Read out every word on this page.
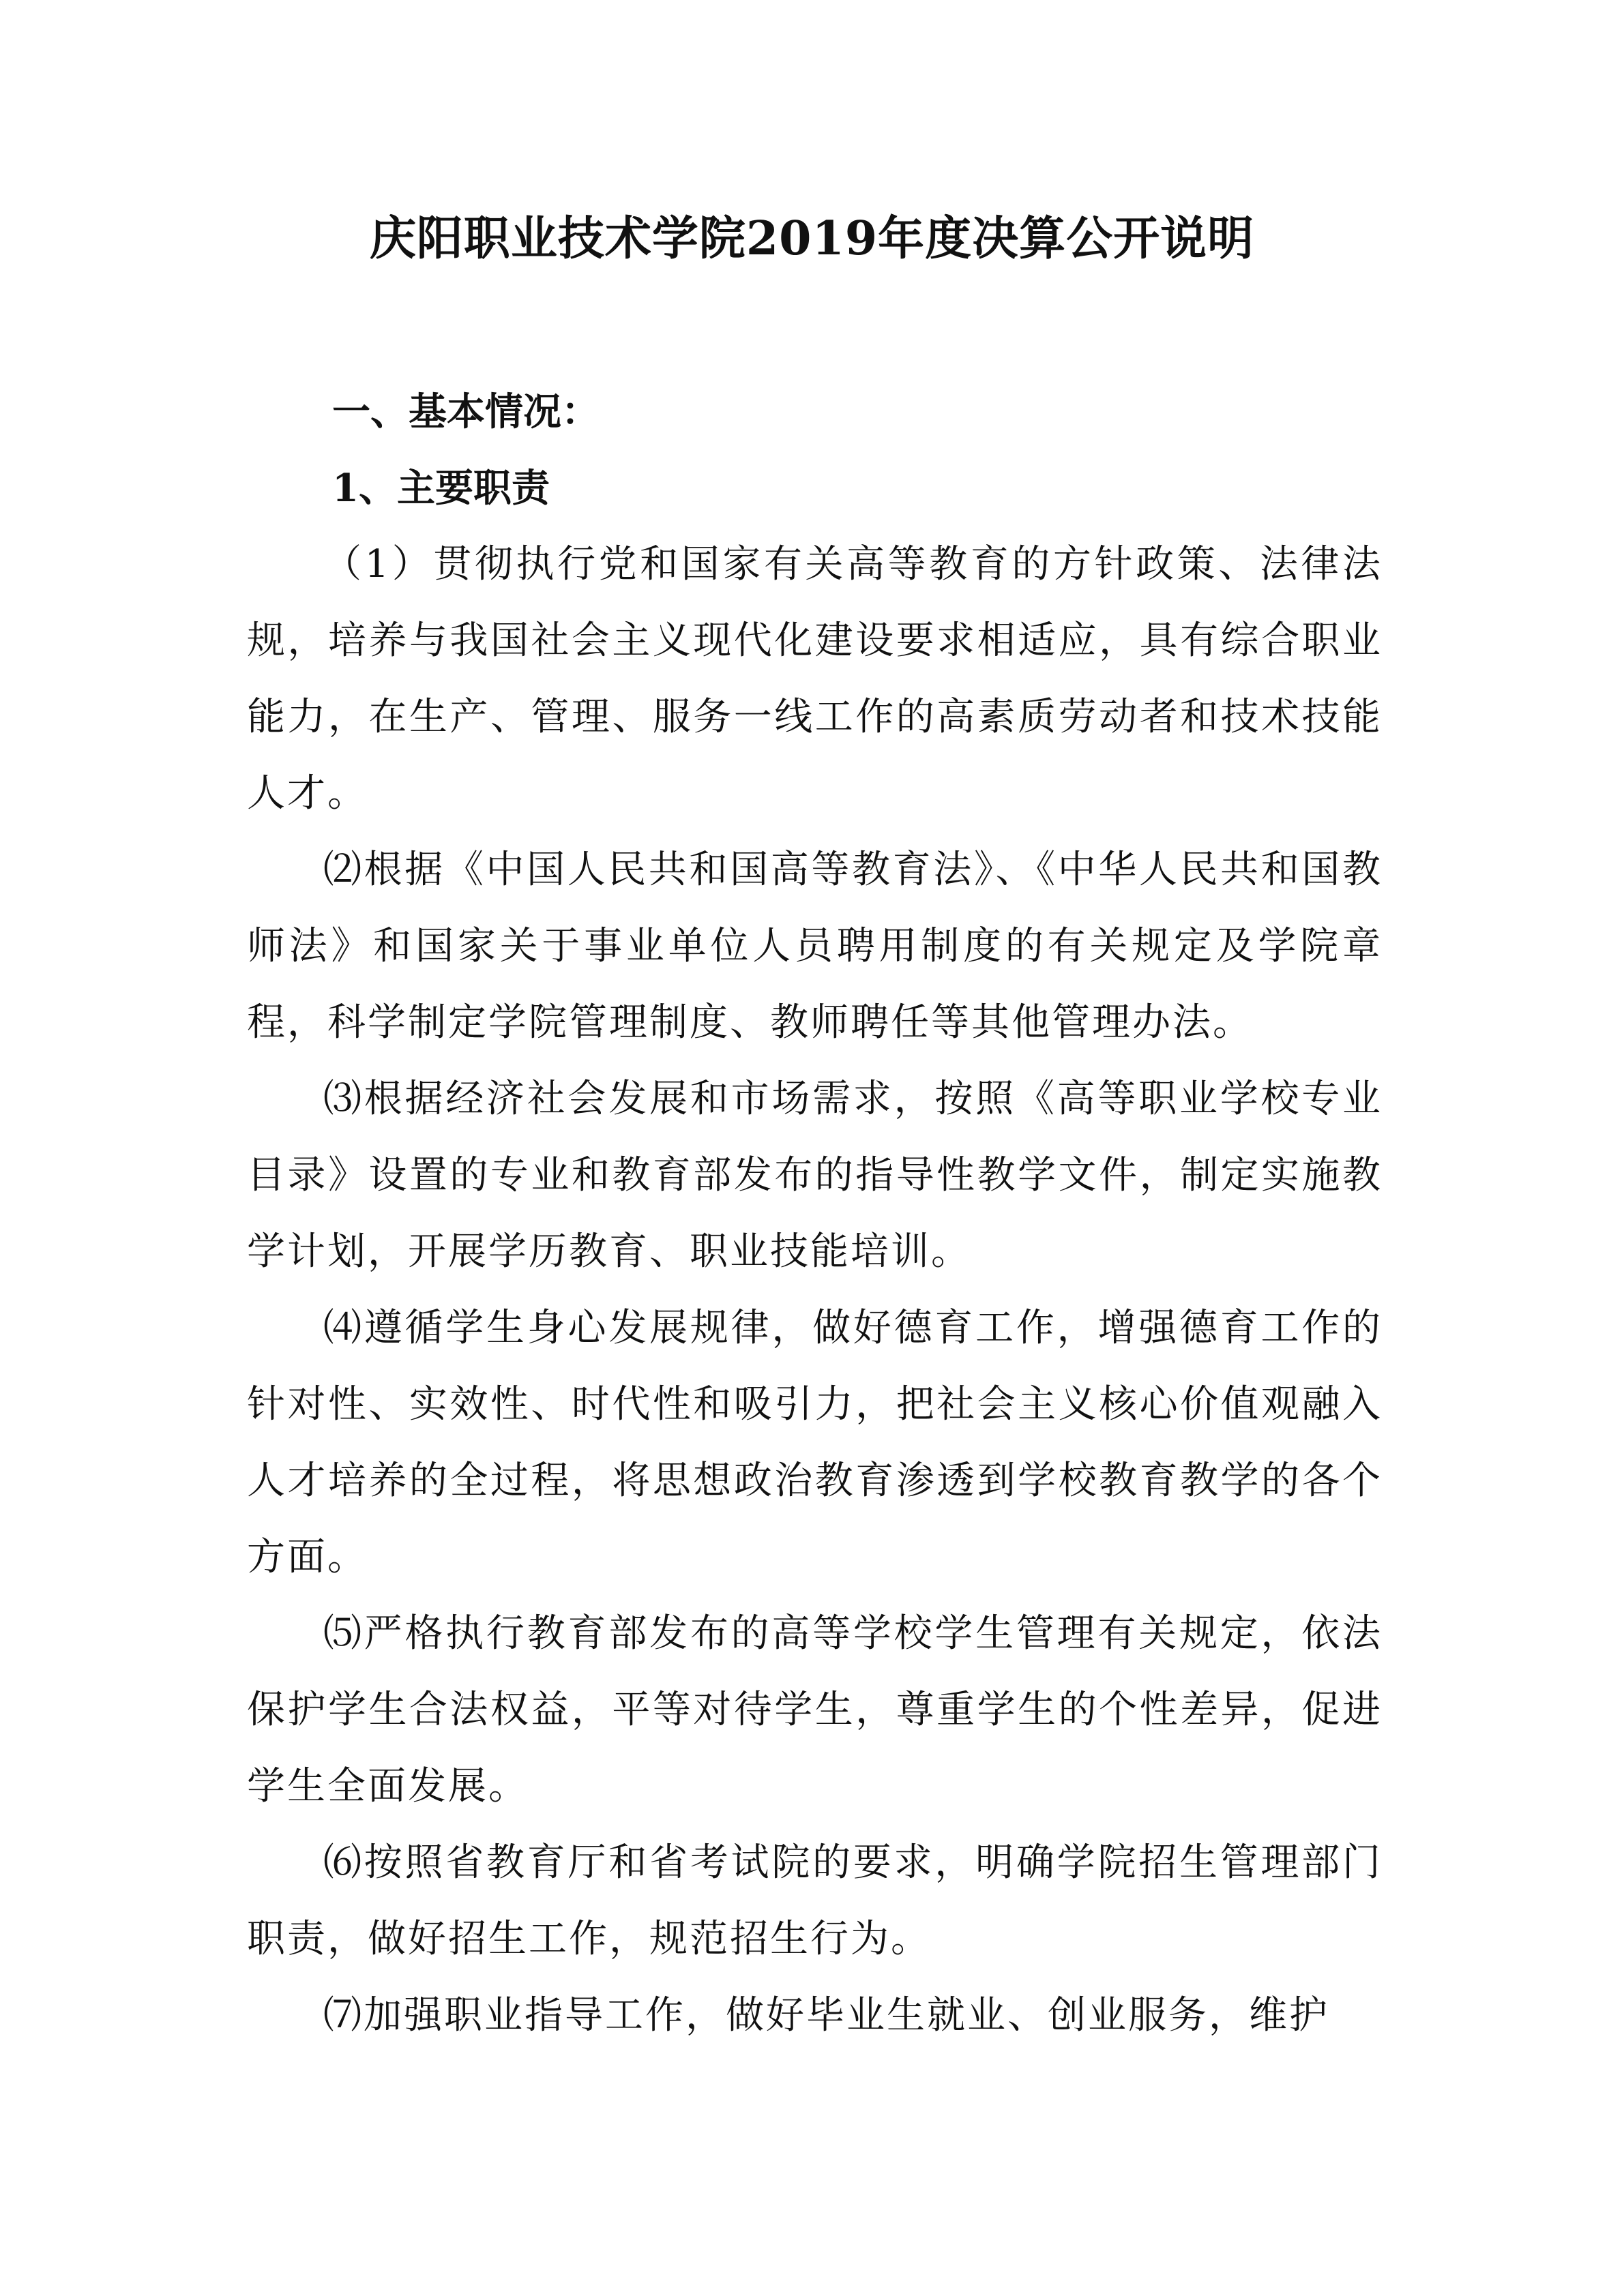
庆阳职业技术学院2019年度决算公开说明

一、基本情况：

1、主要职责

（1）贯彻执行党和国家有关高等教育的方针政策、法律法规，培养与我国社会主义现代化建设要求相适应，具有综合职业能力，在生产、管理、服务一线工作的高素质劳动者和技术技能人才。

⑵根据《中国人民共和国高等教育法》、《中华人民共和国教师法》和国家关于事业单位人员聘用制度的有关规定及学院章程，科学制定学院管理制度、教师聘任等其他管理办法。

⑶根据经济社会发展和市场需求，按照《高等职业学校专业目录》设置的专业和教育部发布的指导性教学文件，制定实施教学计划，开展学历教育、职业技能培训。

⑷遵循学生身心发展规律，做好德育工作，增强德育工作的针对性、实效性、时代性和吸引力，把社会主义核心价值观融入人才培养的全过程，将思想政治教育渗透到学校教育教学的各个方面。

⑸严格执行教育部发布的高等学校学生管理有关规定，依法保护学生合法权益，平等对待学生，尊重学生的个性差异，促进学生全面发展。

⑹按照省教育厅和省考试院的要求，明确学院招生管理部门职责，做好招生工作，规范招生行为。

⑺加强职业指导工作，做好毕业生就业、创业服务，维护
